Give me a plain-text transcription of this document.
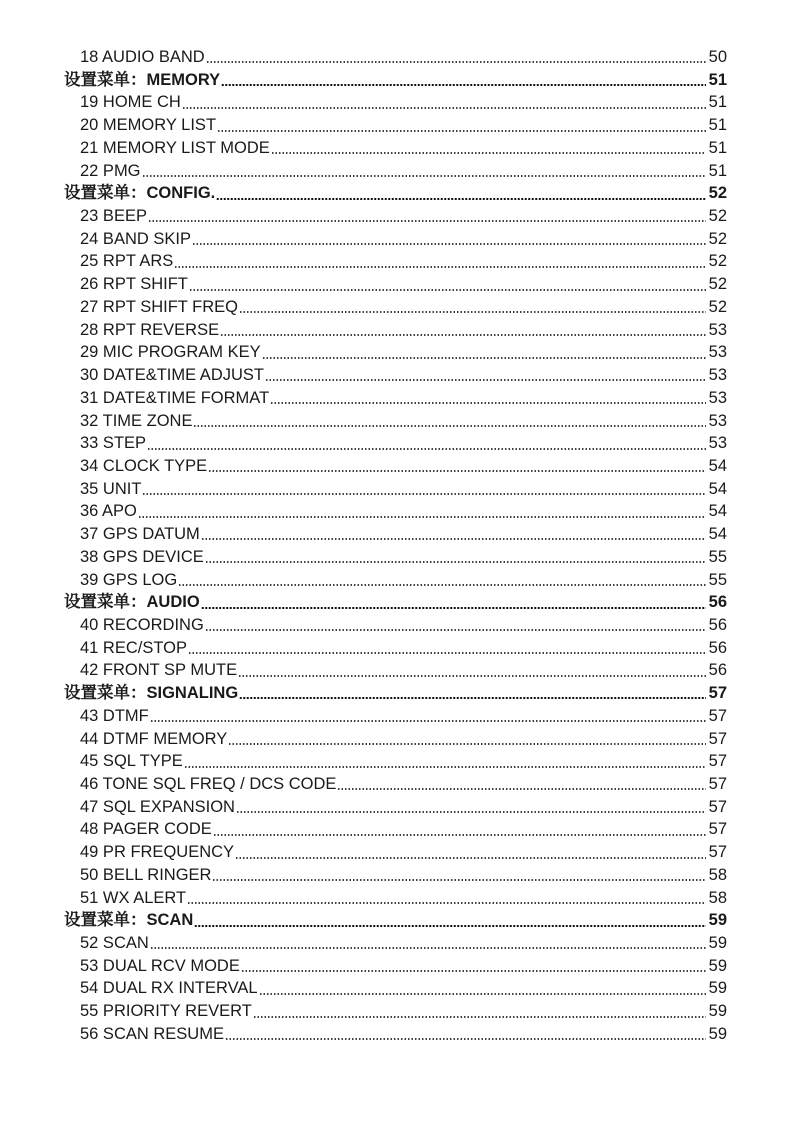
18 AUDIO BAND	50
设置菜单：MEMORY	51
19 HOME CH	51
20 MEMORY LIST	51
21 MEMORY LIST MODE	51
22 PMG	51
设置菜单：CONFIG.	52
23 BEEP	52
24 BAND SKIP	52
25 RPT ARS	52
26 RPT SHIFT	52
27 RPT SHIFT FREQ	52
28 RPT REVERSE	53
29 MIC PROGRAM KEY	53
30 DATE&TIME ADJUST	53
31 DATE&TIME FORMAT	53
32 TIME ZONE	53
33 STEP	53
34 CLOCK TYPE	54
35 UNIT	54
36 APO	54
37 GPS DATUM	54
38 GPS DEVICE	55
39 GPS LOG	55
设置菜单：AUDIO	56
40 RECORDING	56
41 REC/STOP	56
42 FRONT SP MUTE	56
设置菜单：SIGNALING	57
43 DTMF	57
44 DTMF MEMORY	57
45 SQL TYPE	57
46 TONE SQL FREQ / DCS CODE	57
47 SQL EXPANSION	57
48 PAGER CODE	57
49 PR FREQUENCY	57
50 BELL RINGER	58
51 WX ALERT	58
设置菜单：SCAN	59
52 SCAN	59
53 DUAL RCV MODE	59
54 DUAL RX INTERVAL	59
55 PRIORITY REVERT	59
56 SCAN RESUME	59
